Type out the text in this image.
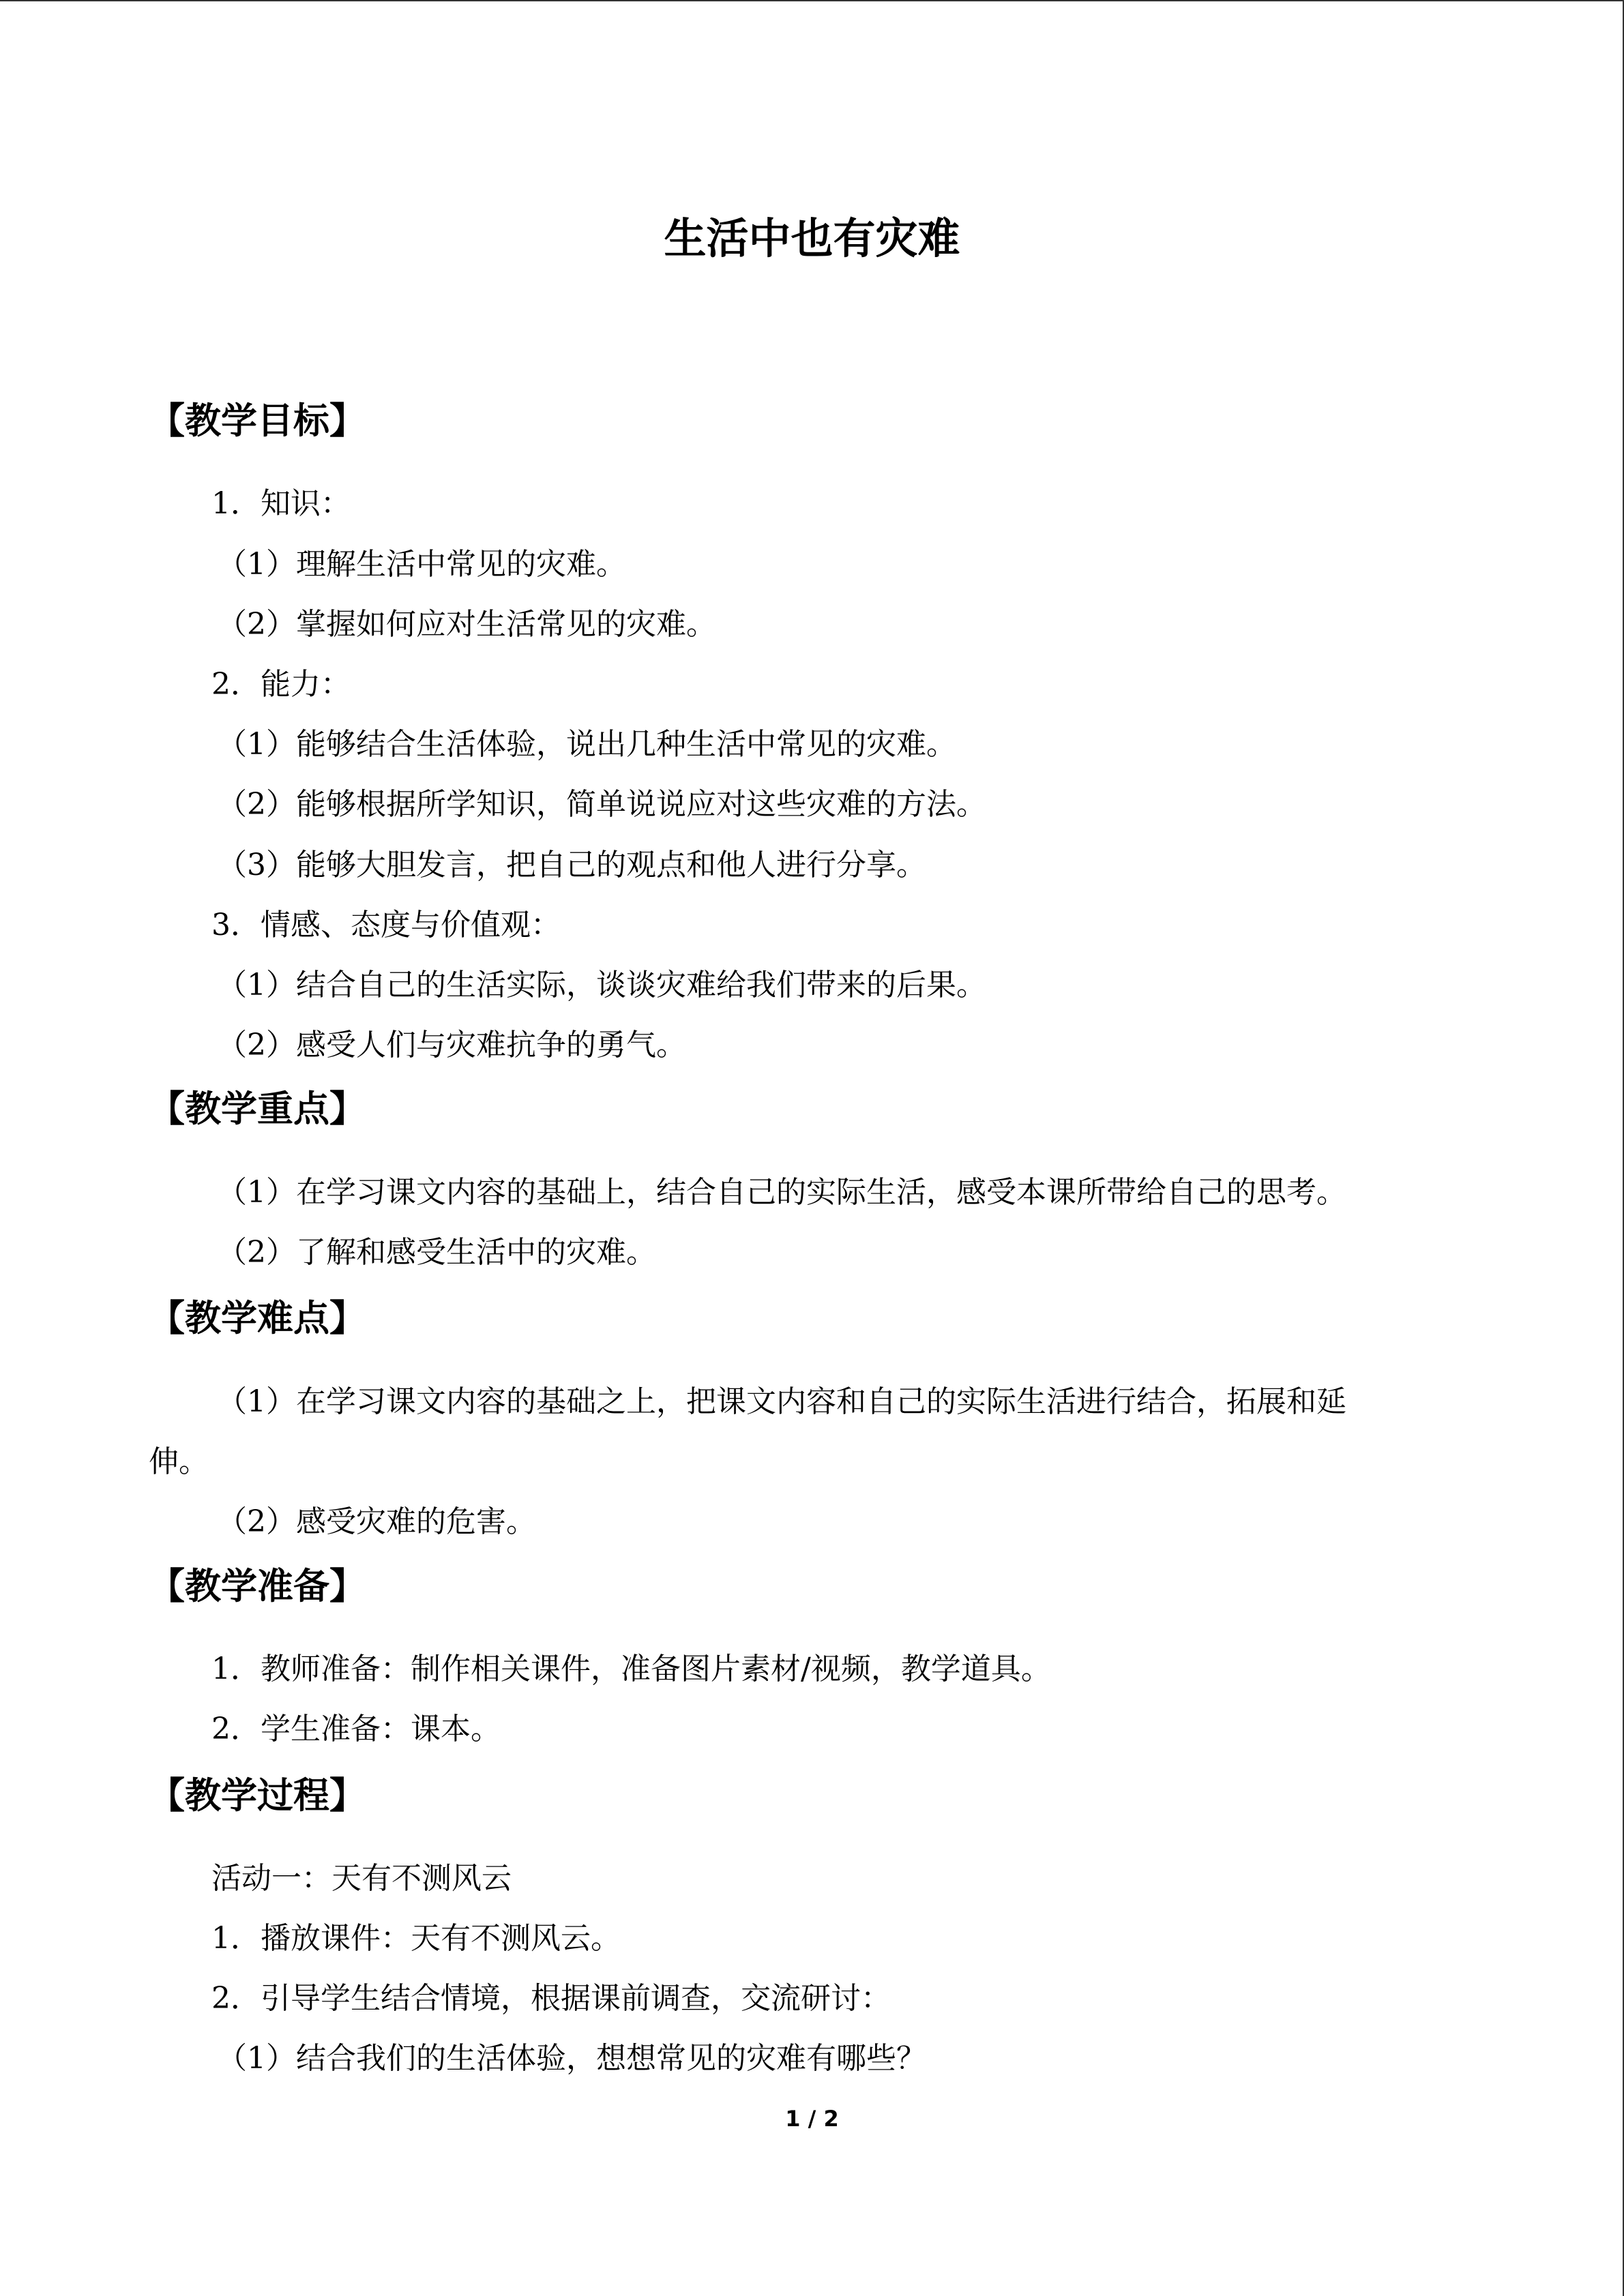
生活中也有灾难
【教学目标】
1．知识：
（1）理解生活中常见的灾难。
（2）掌握如何应对生活常见的灾难。
2．能力：
（1）能够结合生活体验，说出几种生活中常见的灾难。
（2）能够根据所学知识，简单说说应对这些灾难的方法。
（3）能够大胆发言，把自己的观点和他人进行分享。
3．情感、态度与价值观：
（1）结合自己的生活实际，谈谈灾难给我们带来的后果。
（2）感受人们与灾难抗争的勇气。
【教学重点】
（1）在学习课文内容的基础上，结合自己的实际生活，感受本课所带给自己的思考。
（2）了解和感受生活中的灾难。
【教学难点】
（1）在学习课文内容的基础之上，把课文内容和自己的实际生活进行结合，拓展和延
伸。
（2）感受灾难的危害。
【教学准备】
1．教师准备：制作相关课件，准备图片素材/视频，教学道具。
2．学生准备：课本。
【教学过程】
活动一：天有不测风云
1．播放课件：天有不测风云。
2．引导学生结合情境，根据课前调查，交流研讨：
（1）结合我们的生活体验，想想常见的灾难有哪些？
1 / 2
